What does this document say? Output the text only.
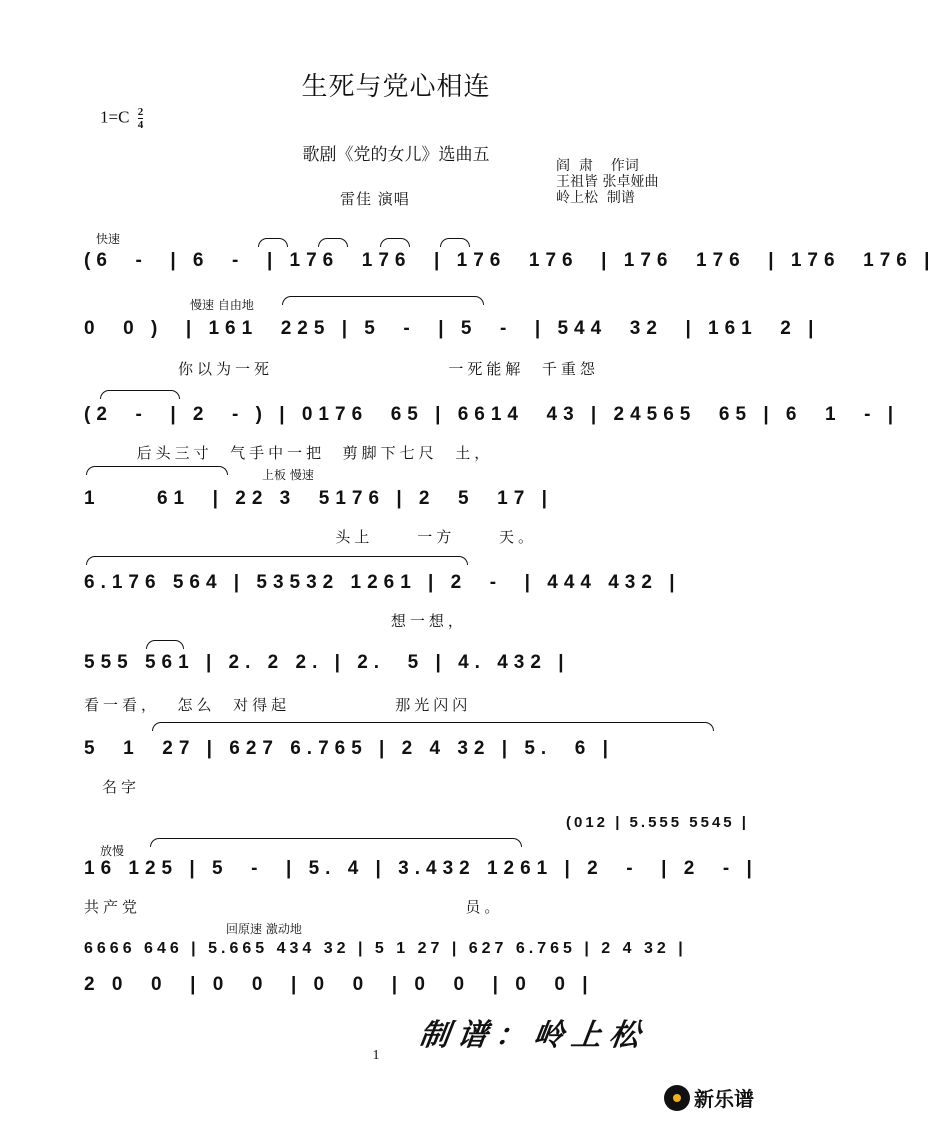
生死与党心相连
$1=C \frac{2}{4}$
歌剧《党的女儿》选曲五
阎  肃    作词
王祖皆 张卓娅曲
岭上松  制谱
雷佳 演唱
快速
慢速 自由地
上板 慢速
放慢
回原速 激动地
(6  -  | 6  -  | 176  176  | 176  176  | 176  176  | 176  176 |
0  0 )  | 161  225 | 5  -  | 5  -  | 544  32  | 161  2 |
你以为一死                    一死能解  千重怨
(2  -  | 2  - ) | 0176  65 | 6614  43 | 24565  65 | 6  1  - |
后头三寸  气手中一把  剪脚下七尺  土，
1     61  | 22 3  5176 | 2  5  17 |
头上     一方     天。
6.176 564 | 53532 1261 | 2  -  | 444 432 |
想一想，
555 561 | 2. 2 2. | 2.  5 | 4. 432 |
看一看，  怎么  对得起            那光闪闪
5  1  27 | 627 6.765 | 2 4 32 | 5.  6 |
名字
(012 | 5.555 5545 |
16 125 | 5  -  | 5. 4 | 3.432 1261 | 2  -  | 2  - |
共产党                                     员。
6666 646 | 5.665 434 32 | 5 1 27 | 627 6.765 | 2 4 32 |
2 0  0  | 0  0  | 0  0  | 0  0  | 0  0 |
制谱：岭上松
1
新乐谱
